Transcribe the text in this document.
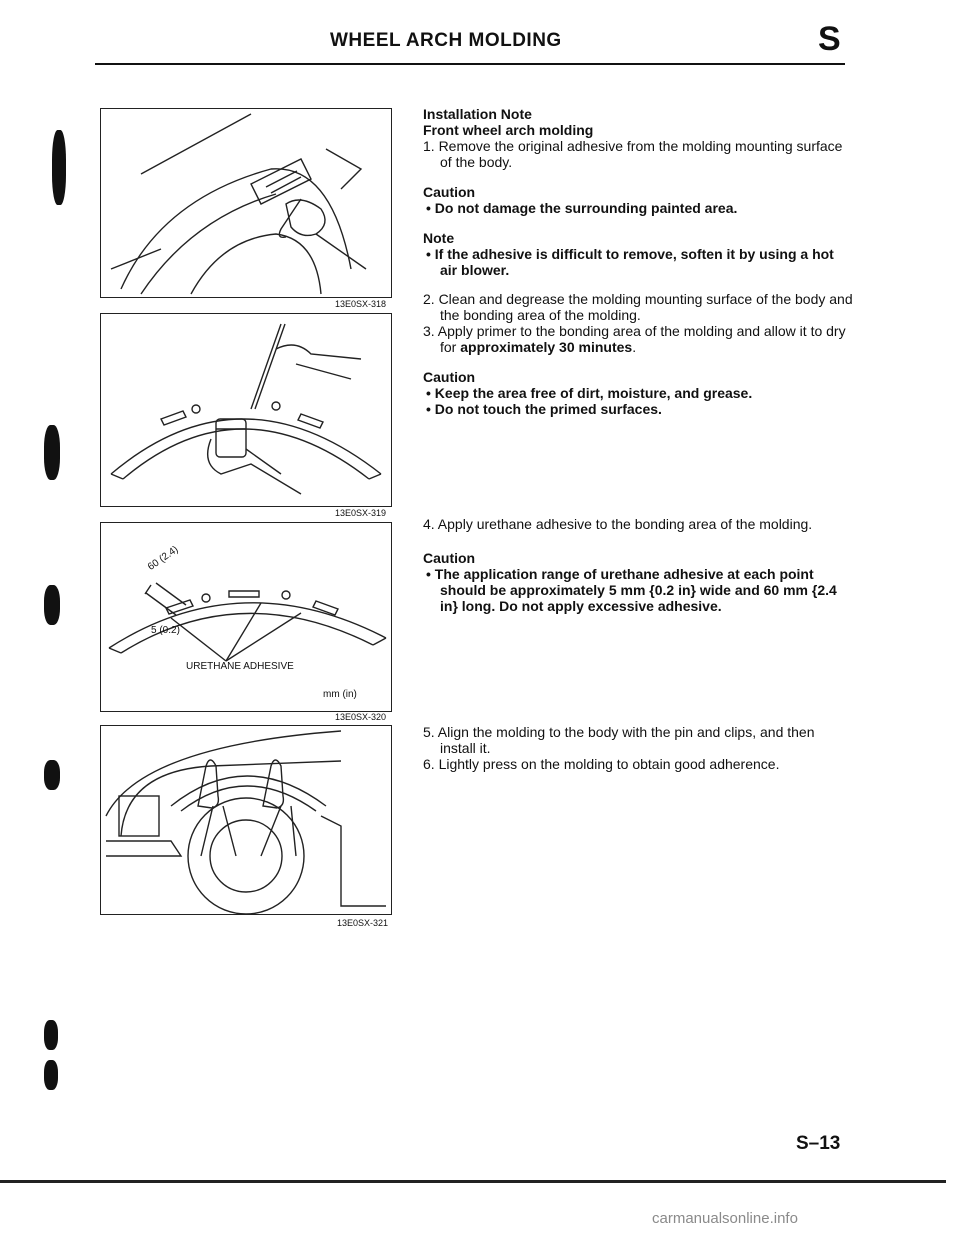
WHEEL ARCH MOLDING	S
13E0SX-318
13E0SX-319
60 (2.4)
5 (0.2)
URETHANE ADHESIVE
mm (in)
13E0SX-320
13E0SX-321
Installation Note
Front wheel arch molding
1. Remove the original adhesive from the molding mounting surface of the body.
Caution
• Do not damage the surrounding painted area.
Note
• If the adhesive is difficult to remove, soften it by using a hot air blower.
2. Clean and degrease the molding mounting surface of the body and the bonding area of the molding.
3. Apply primer to the bonding area of the molding and allow it to dry for approximately 30 minutes.
Caution
• Keep the area free of dirt, moisture, and grease.
• Do not touch the primed surfaces.
4. Apply urethane adhesive to the bonding area of the molding.
Caution
• The application range of urethane adhesive at each point should be approximately 5 mm {0.2 in} wide and 60 mm {2.4 in} long. Do not apply excessive adhesive.
5. Align the molding to the body with the pin and clips, and then install it.
6. Lightly press on the molding to obtain good adherence.
S–13
carmanualsonline.info
